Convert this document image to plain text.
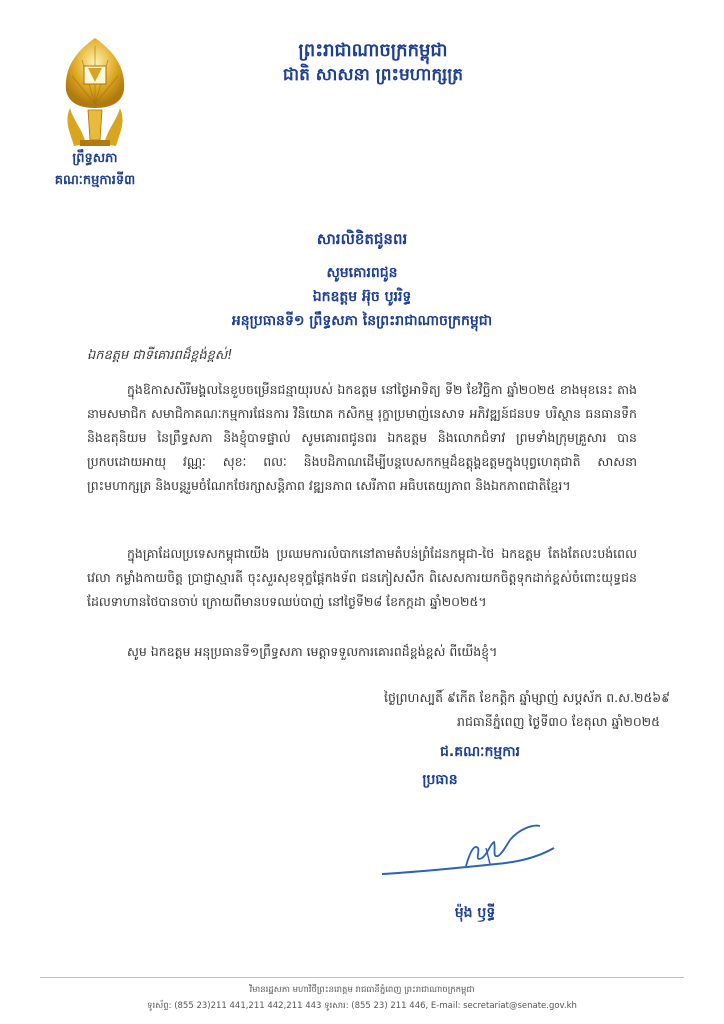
ព្រឹទ្ធសភា
គណៈកម្មការទី៣
ព្រះរាជាណាចក្រកម្ពុជា
ជាតិ សាសនា ព្រះមហាក្សត្រ
សារលិខិតជូនពរ
សូមគោរពជូន
ឯកឧត្តម អ៊ុច បូររិទ្ធ
អនុប្រធានទី១ ព្រឹទ្ធសភា នៃព្រះរាជាណាចក្រកម្ពុជា
ឯកឧត្តម ជាទីគោរពដ៏ខ្ពង់ខ្ពស់!
ក្នុងឱកាសសិរីមង្គលនៃខួបចម្រើនជន្មាយុរបស់ ឯកឧត្តម នៅថ្ងៃអាទិត្យ ទី២ ខែវិច្ឆិកា ឆ្នាំ២០២៥ ខាងមុខនេះ តាងនាមសមាជិក សមាជិកាគណៈកម្មការផែនការ វិនិយោគ កសិកម្ម រុក្ខាប្រមាញ់នេសាទ អភិវឌ្ឍន៍ជនបទ បរិស្ថាន ធនធានទឹក និងឧតុនិយម នៃព្រឹទ្ធសភា និងខ្ញុំបាទផ្ទាល់ សូមគោរពជូនពរ ឯកឧត្តម និងលោកជំទាវ ព្រមទាំងក្រុមគ្រួសារ បានប្រកបដោយអាយុ វណ្ណៈ សុខៈ ពលៈ និងបដិភាណដើម្បីបន្តបេសកកម្មដ៏ឧត្តុង្គឧត្តមក្នុងបុព្វហេតុជាតិ សាសនា ព្រះមហាក្សត្រ និងបន្តរួមចំណែកថែរក្សាសន្តិភាព វឌ្ឍនភាព សេរីភាព អធិបតេយ្យភាព និងឯកភាពជាតិខ្មែរ។
ក្នុងគ្រាដែលប្រទេសកម្ពុជាយើង ប្រឈមការលំបាកនៅតាមតំបន់ព្រំដែនកម្ពុជា-ថៃ ឯកឧត្តម តែងតែលះបង់ពេលវេលា កម្លាំងកាយចិត្ត ប្រាជ្ញាស្មារតី ចុះសួរសុខទុក្ខផ្ដែកងទ័ព ជនភៀសសឹក ពិសេសការយកចិត្តទុកដាក់ខ្ពស់ចំពោះយុទ្ធជនដែលទាហានថៃបានចាប់ ក្រោយពីមានបទឈប់បាញ់ នៅថ្ងៃទី២៨ ខែកក្កដា ឆ្នាំ២០២៥។
សូម ឯកឧត្តម អនុប្រធានទី១ព្រឹទ្ធសភា មេត្តាទទួលការគោរពដ៏ខ្ពង់ខ្ពស់ ពីយើងខ្ញុំ។
ថ្ងៃព្រហស្បតិ៍ ៩កើត ខែកត្តិក ឆ្នាំម្សាញ់ សប្តស័ក ព.ស.២៥៦៩
រាជធានីភ្នំពេញ ថ្ងៃទី៣០ ខែតុលា ឆ្នាំ២០២៥
ជ.គណៈកម្មការ
ប្រធាន
ម៉ុង ឫទ្ធី
វិមានរដ្ឋសភា មហាវិថីព្រះនរោត្តម រាជធានីភ្នំពេញ ព្រះរាជាណាចក្រកម្ពុជា
ទូរស័ព្ទ: (855 23)211 441,211 442,211 443 ទូរសារ: (855 23) 211 446, E-mail: secretariat@senate.gov.kh
